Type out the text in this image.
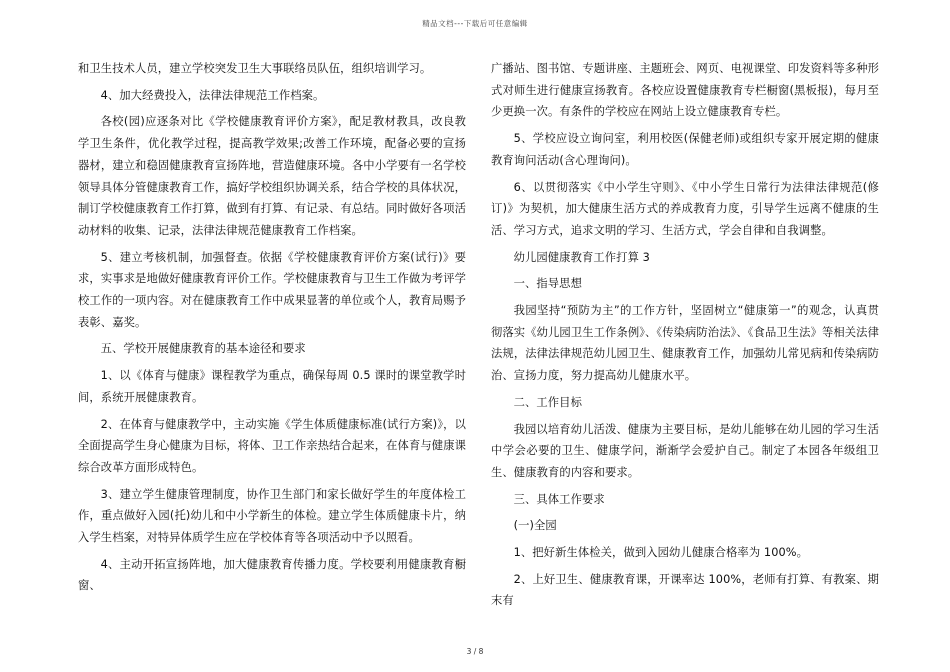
精品文档---下载后可任意编辑

和卫生技术人员，建立学校突发卫生大事联络员队伍，组织培训学习。

4、加大经费投入，法律法律规范工作档案。

各校(园)应逐条对比《学校健康教育评价方案》，配足教材教具，改良教学卫生条件，优化教学过程，提高教学效果;改善工作环境，配备必要的宣扬器材，建立和稳固健康教育宣扬阵地，营造健康环境。各中小学要有一名学校领导具体分管健康教育工作，搞好学校组织协调关系，结合学校的具体状况，制订学校健康教育工作打算，做到有打算、有记录、有总结。同时做好各项活动材料的收集、记录，法律法律规范健康教育工作档案。

5、建立考核机制，加强督查。依据《学校健康教育评价方案(试行)》要求，实事求是地做好健康教育评价工作。学校健康教育与卫生工作做为考评学校工作的一项内容。对在健康教育工作中成果显著的单位或个人，教育局赐予表彰、嘉奖。

五、学校开展健康教育的基本途径和要求

1、以《体育与健康》课程教学为重点，确保每周 0.5 课时的课堂教学时间，系统开展健康教育。

2、在体育与健康教学中，主动实施《学生体质健康标准(试行方案)》，以全面提高学生身心健康为目标，将体、卫工作亲热结合起来，在体育与健康课综合改革方面形成特色。

3、建立学生健康管理制度，协作卫生部门和家长做好学生的年度体检工作，重点做好入园(托)幼儿和中小学新生的体检。建立学生体质健康卡片，纳入学生档案，对特异体质学生应在学校体育等各项活动中予以照看。

4、主动开拓宣扬阵地，加大健康教育传播力度。学校要利用健康教育橱窗、

广播站、图书馆、专题讲座、主题班会、网页、电视课堂、印发资料等多种形式对师生进行健康宣扬教育。各校应设置健康教育专栏橱窗(黑板报)，每月至少更换一次。有条件的学校应在网站上设立健康教育专栏。

5、学校应设立询问室，利用校医(保健老师)或组织专家开展定期的健康教育询问活动(含心理询问)。

6、以贯彻落实《中小学生守则》、《中小学生日常行为法律法律规范(修订)》为契机，加大健康生活方式的养成教育力度，引导学生远离不健康的生活、学习方式，追求文明的学习、生活方式，学会自律和自我调整。

幼儿园健康教育工作打算 3

一、指导思想

我园坚持“预防为主”的工作方针，坚固树立“健康第一”的观念，认真贯彻落实《幼儿园卫生工作条例》、《传染病防治法》、《食品卫生法》等相关法律法规，法律法律规范幼儿园卫生、健康教育工作，加强幼儿常见病和传染病防治、宣扬力度，努力提高幼儿健康水平。

二、工作目标

我园以培育幼儿活泼、健康为主要目标，是幼儿能够在幼儿园的学习生活中学会必要的卫生、健康学问，渐渐学会爱护自己。制定了本园各年级组卫生、健康教育的内容和要求。

三、具体工作要求

(一)全园

1、把好新生体检关，做到入园幼儿健康合格率为 100%。

2、上好卫生、健康教育课，开课率达 100%，老师有打算、有教案、期末有

3 / 8
